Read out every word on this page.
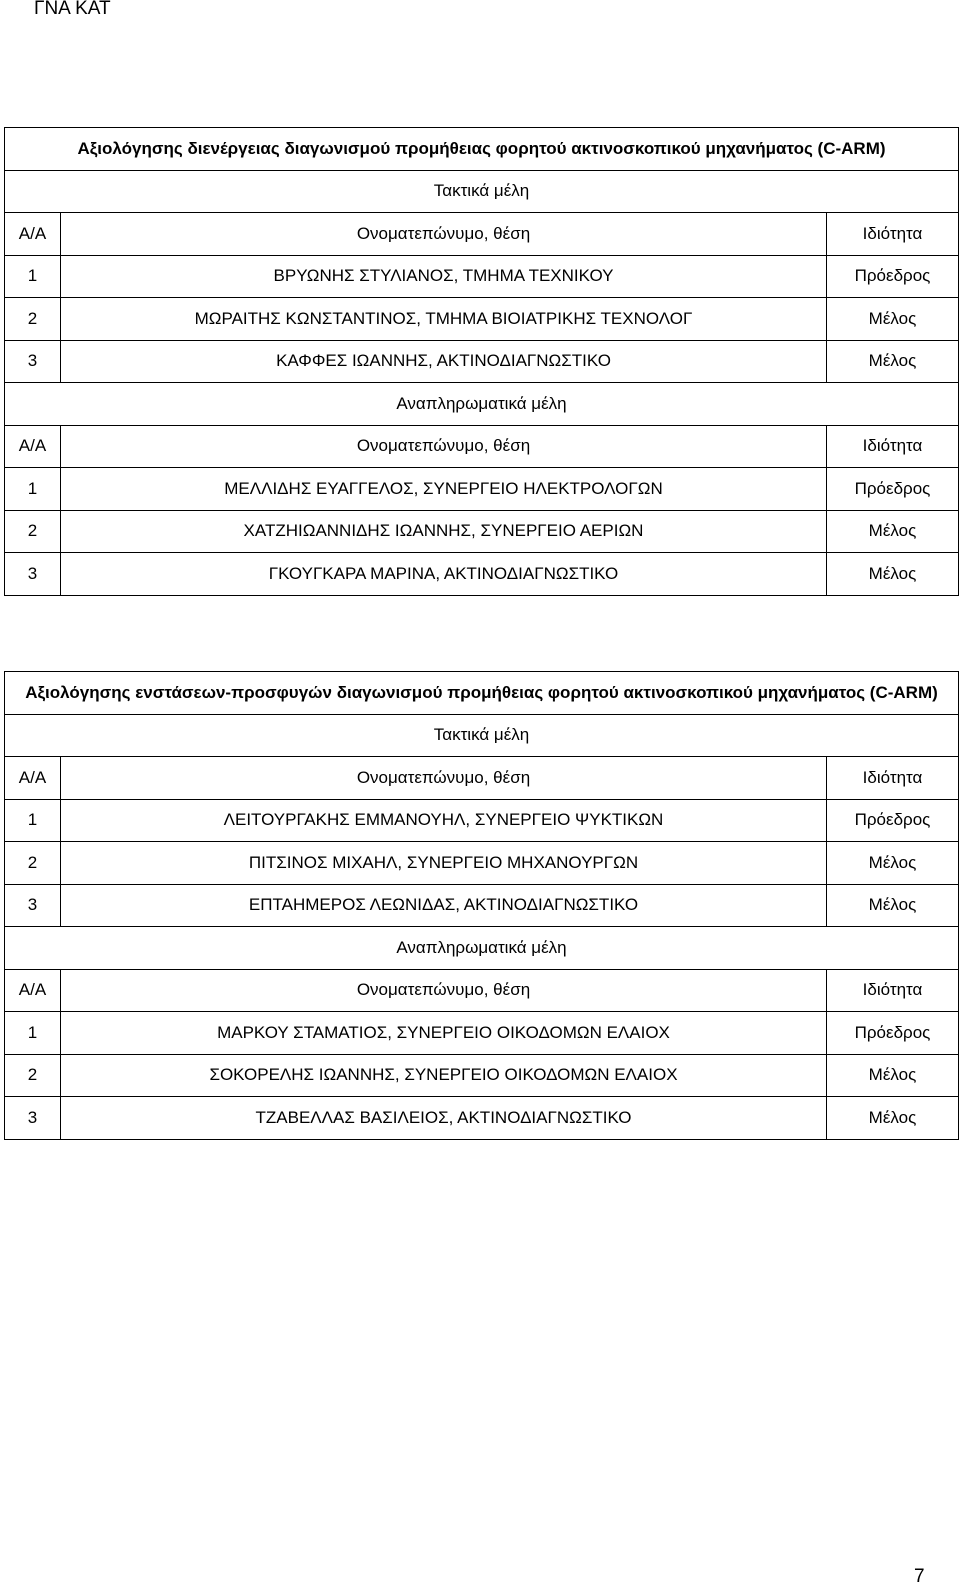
ΓΝΑ ΚΑΤ
Αξιολόγησης διενέργειας διαγωνισμού προμήθειας φορητού ακτινοσκοπικού μηχανήματος (C-ARM)		
Τακτικά μέλη		
Α/Α	Ονοματεπώνυμο, θέση	Ιδιότητα
1	ΒΡΥΩΝΗΣ ΣΤΥΛΙΑΝΟΣ, ΤΜΗΜΑ ΤΕΧΝΙΚΟΥ	Πρόεδρος
2	ΜΩΡΑΙΤΗΣ ΚΩΝΣΤΑΝΤΙΝΟΣ, ΤΜΗΜΑ ΒΙΟΙΑΤΡΙΚΗΣ ΤΕΧΝΟΛΟΓ	Μέλος
3	ΚΑΦΦΕΣ ΙΩΑΝΝΗΣ, ΑΚΤΙΝΟΔΙΑΓΝΩΣΤΙΚΟ	Μέλος
Αναπληρωματικά μέλη		
Α/Α	Ονοματεπώνυμο, θέση	Ιδιότητα
1	ΜΕΛΛΙΔΗΣ ΕΥΑΓΓΕΛΟΣ, ΣΥΝΕΡΓΕΙΟ ΗΛΕΚΤΡΟΛΟΓΩΝ	Πρόεδρος
2	ΧΑΤΖΗΙΩΑΝΝΙΔΗΣ ΙΩΑΝΝΗΣ, ΣΥΝΕΡΓΕΙΟ ΑΕΡΙΩΝ	Μέλος
3	ΓΚΟΥΓΚΑΡΑ ΜΑΡΙΝΑ, ΑΚΤΙΝΟΔΙΑΓΝΩΣΤΙΚΟ	Μέλος
Αξιολόγησης ενστάσεων-προσφυγών διαγωνισμού προμήθειας φορητού ακτινοσκοπικού μηχανήματος (C-ARM)		
Τακτικά μέλη		
Α/Α	Ονοματεπώνυμο, θέση	Ιδιότητα
1	ΛΕΙΤΟΥΡΓΑΚΗΣ ΕΜΜΑΝΟΥΗΛ, ΣΥΝΕΡΓΕΙΟ ΨΥΚΤΙΚΩΝ	Πρόεδρος
2	ΠΙΤΣΙΝΟΣ ΜΙΧΑΗΛ, ΣΥΝΕΡΓΕΙΟ ΜΗΧΑΝΟΥΡΓΩΝ	Μέλος
3	ΕΠΤΑΗΜΕΡΟΣ ΛΕΩΝΙΔΑΣ, ΑΚΤΙΝΟΔΙΑΓΝΩΣΤΙΚΟ	Μέλος
Αναπληρωματικά μέλη		
Α/Α	Ονοματεπώνυμο, θέση	Ιδιότητα
1	ΜΑΡΚΟΥ ΣΤΑΜΑΤΙΟΣ, ΣΥΝΕΡΓΕΙΟ ΟΙΚΟΔΟΜΩΝ ΕΛΑΙΟΧ	Πρόεδρος
2	ΣΟΚΟΡΕΛΗΣ ΙΩΑΝΝΗΣ, ΣΥΝΕΡΓΕΙΟ ΟΙΚΟΔΟΜΩΝ ΕΛΑΙΟΧ	Μέλος
3	ΤΖΑΒΕΛΛΑΣ ΒΑΣΙΛΕΙΟΣ, ΑΚΤΙΝΟΔΙΑΓΝΩΣΤΙΚΟ	Μέλος
7
